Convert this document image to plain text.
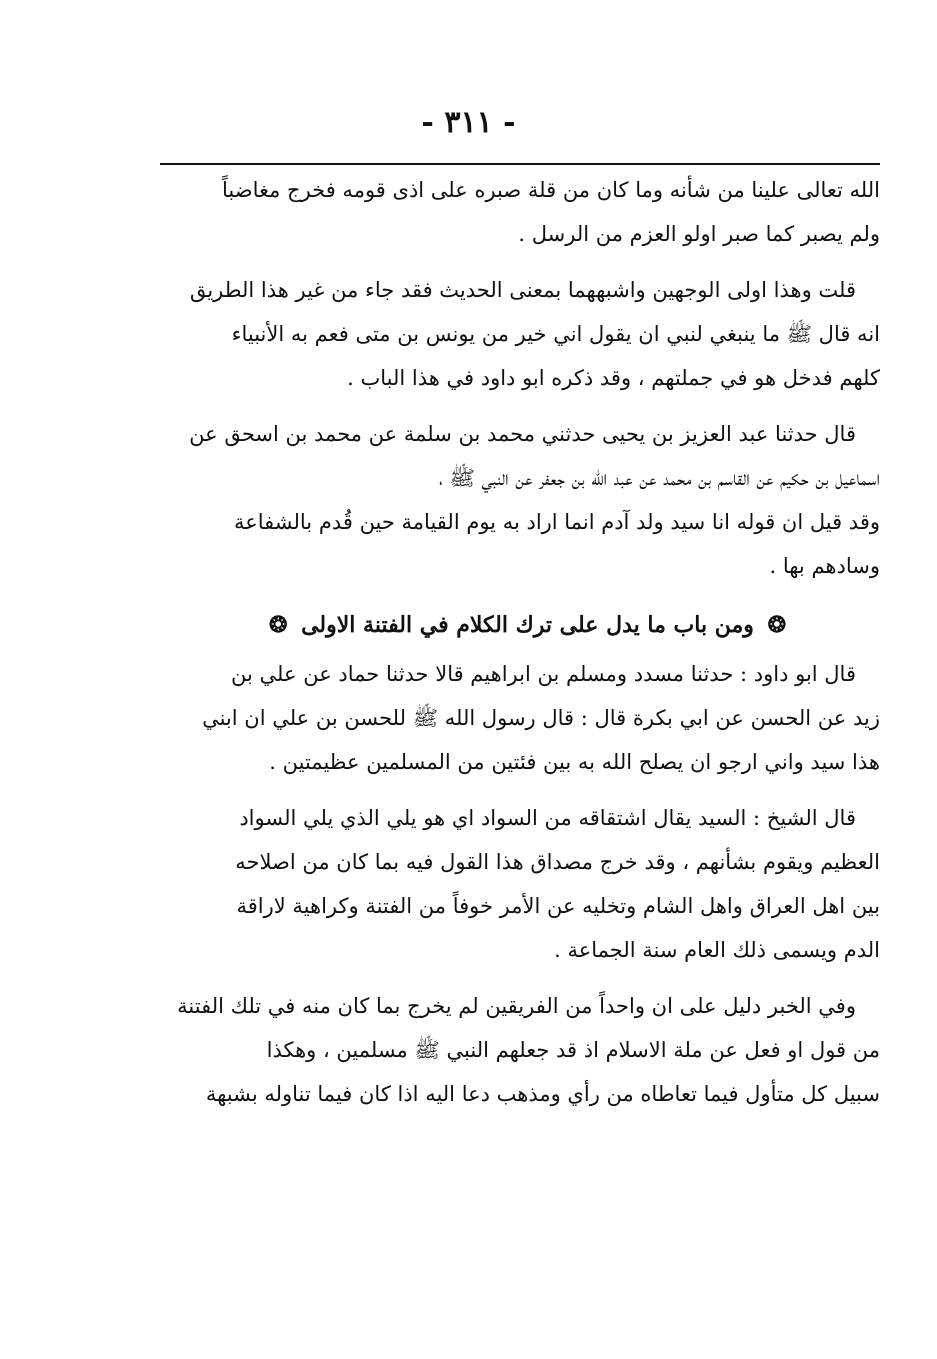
- ٣١١ -

الله تعالى علينا من شأنه وما كان من قلة صبره على اذى قومه فخرج مغاضباً
ولم يصبر كما صبر اولو العزم من الرسل .

قلت وهذا اولى الوجهين واشبههما بمعنى الحديث فقد جاء من غير هذا الطريق
انه قال ﷺ ما ينبغي لنبي ان يقول اني خير من يونس بن متى فعم به الأنبياء
كلهم فدخل هو في جملتهم ، وقد ذكره ابو داود في هذا الباب .

قال حدثنا عبد العزيز بن يحيى حدثني محمد بن سلمة عن محمد بن اسحق عن
اسماعيل بن حكيم عن القاسم بن محمد عن عبد الله بن جعفر عن النبي ﷺ ،
وقد قيل ان قوله انا سيد ولد آدم انما اراد به يوم القيامة حين قُدم بالشفاعة
وسادهم بها .

❂ ومن باب ما يدل على ترك الكلام في الفتنة الاولى ❂

قال ابو داود : حدثنا مسدد ومسلم بن ابراهيم قالا حدثنا حماد عن علي بن
زيد عن الحسن عن ابي بكرة قال : قال رسول الله ﷺ للحسن بن علي ان ابني
هذا سيد واني ارجو ان يصلح الله به بين فئتين من المسلمين عظيمتين .

قال الشيخ : السيد يقال اشتقاقه من السواد اي هو يلي الذي يلي السواد
العظيم ويقوم بشأنهم ، وقد خرج مصداق هذا القول فيه بما كان من اصلاحه
بين اهل العراق واهل الشام وتخليه عن الأمر خوفاً من الفتنة وكراهية لاراقة
الدم ويسمى ذلك العام سنة الجماعة .

وفي الخبر دليل على ان واحداً من الفريقين لم يخرج بما كان منه في تلك الفتنة
من قول او فعل عن ملة الاسلام اذ قد جعلهم النبي ﷺ مسلمين ، وهكذا
سبيل كل متأول فيما تعاطاه من رأي ومذهب دعا اليه اذا كان فيما تناوله بشبهة
